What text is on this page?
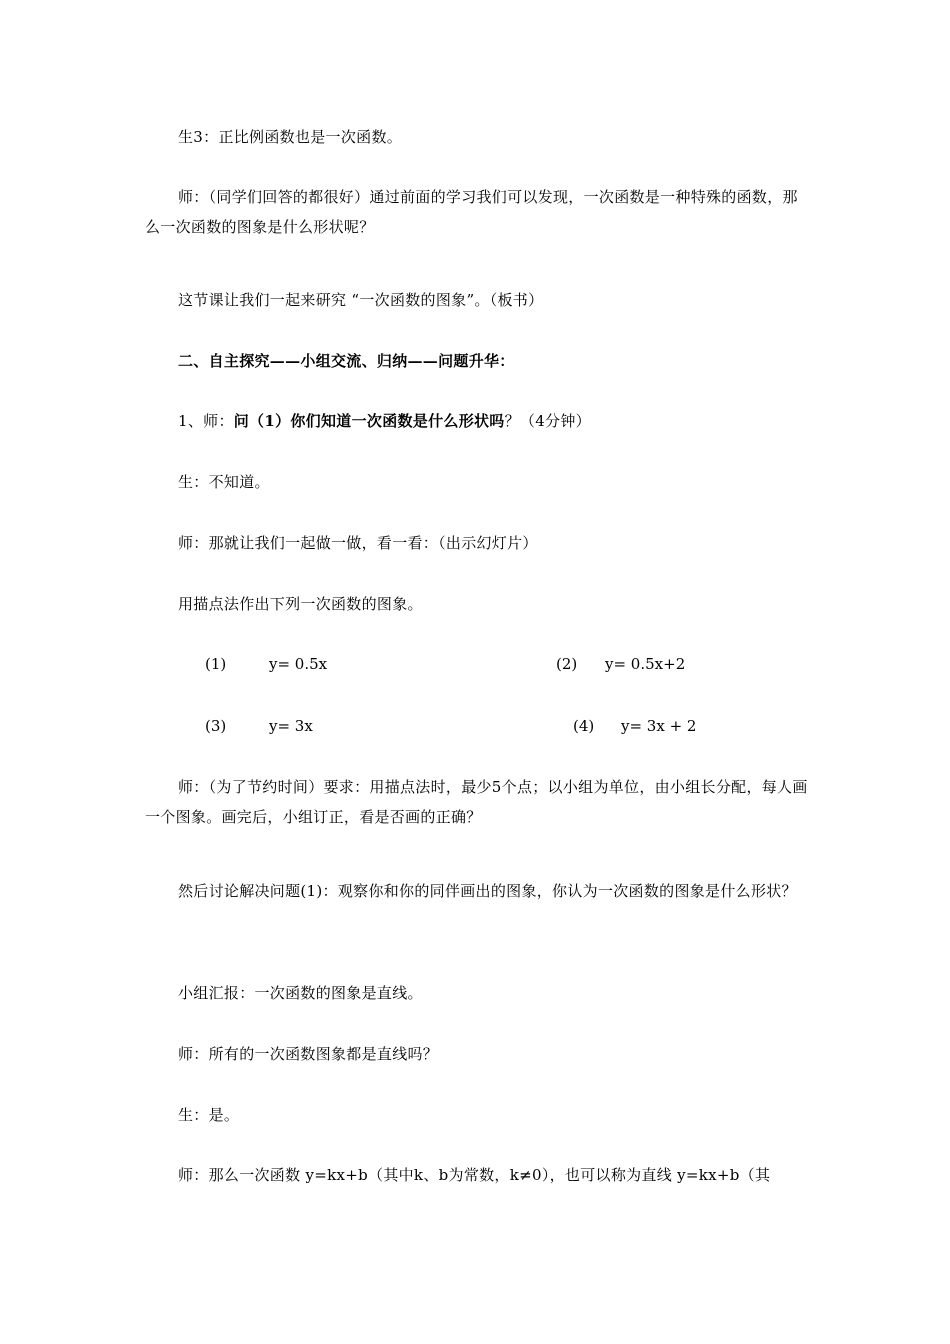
生3：正比例函数也是一次函数。

师：（同学们回答的都很好）通过前面的学习我们可以发现，一次函数是一种特殊的函数，那么一次函数的图象是什么形状呢？

这节课让我们一起来研究 “一次函数的图象”。（板书）

二、自主探究——小组交流、归纳——问题升华：

1、师：问（1）你们知道一次函数是什么形状吗？（4分钟）

生：不知道。

师：那就让我们一起做一做，看一看：（出示幻灯片）

用描点法作出下列一次函数的图象。

(1)	y= 0.5x	(2) y= 0.5x+2
(3)	y= 3x	(4) y= 3x + 2

师：（为了节约时间）要求：用描点法时，最少5个点；以小组为单位，由小组长分配，每人画一个图象。画完后，小组订正，看是否画的正确？

然后讨论解决问题(1)：观察你和你的同伴画出的图象，你认为一次函数的图象是什么形状？

小组汇报：一次函数的图象是直线。

师：所有的一次函数图象都是直线吗？

生：是。

师：那么一次函数 y=kx+b（其中k、b为常数，k≠0），也可以称为直线 y=kx+b（其
